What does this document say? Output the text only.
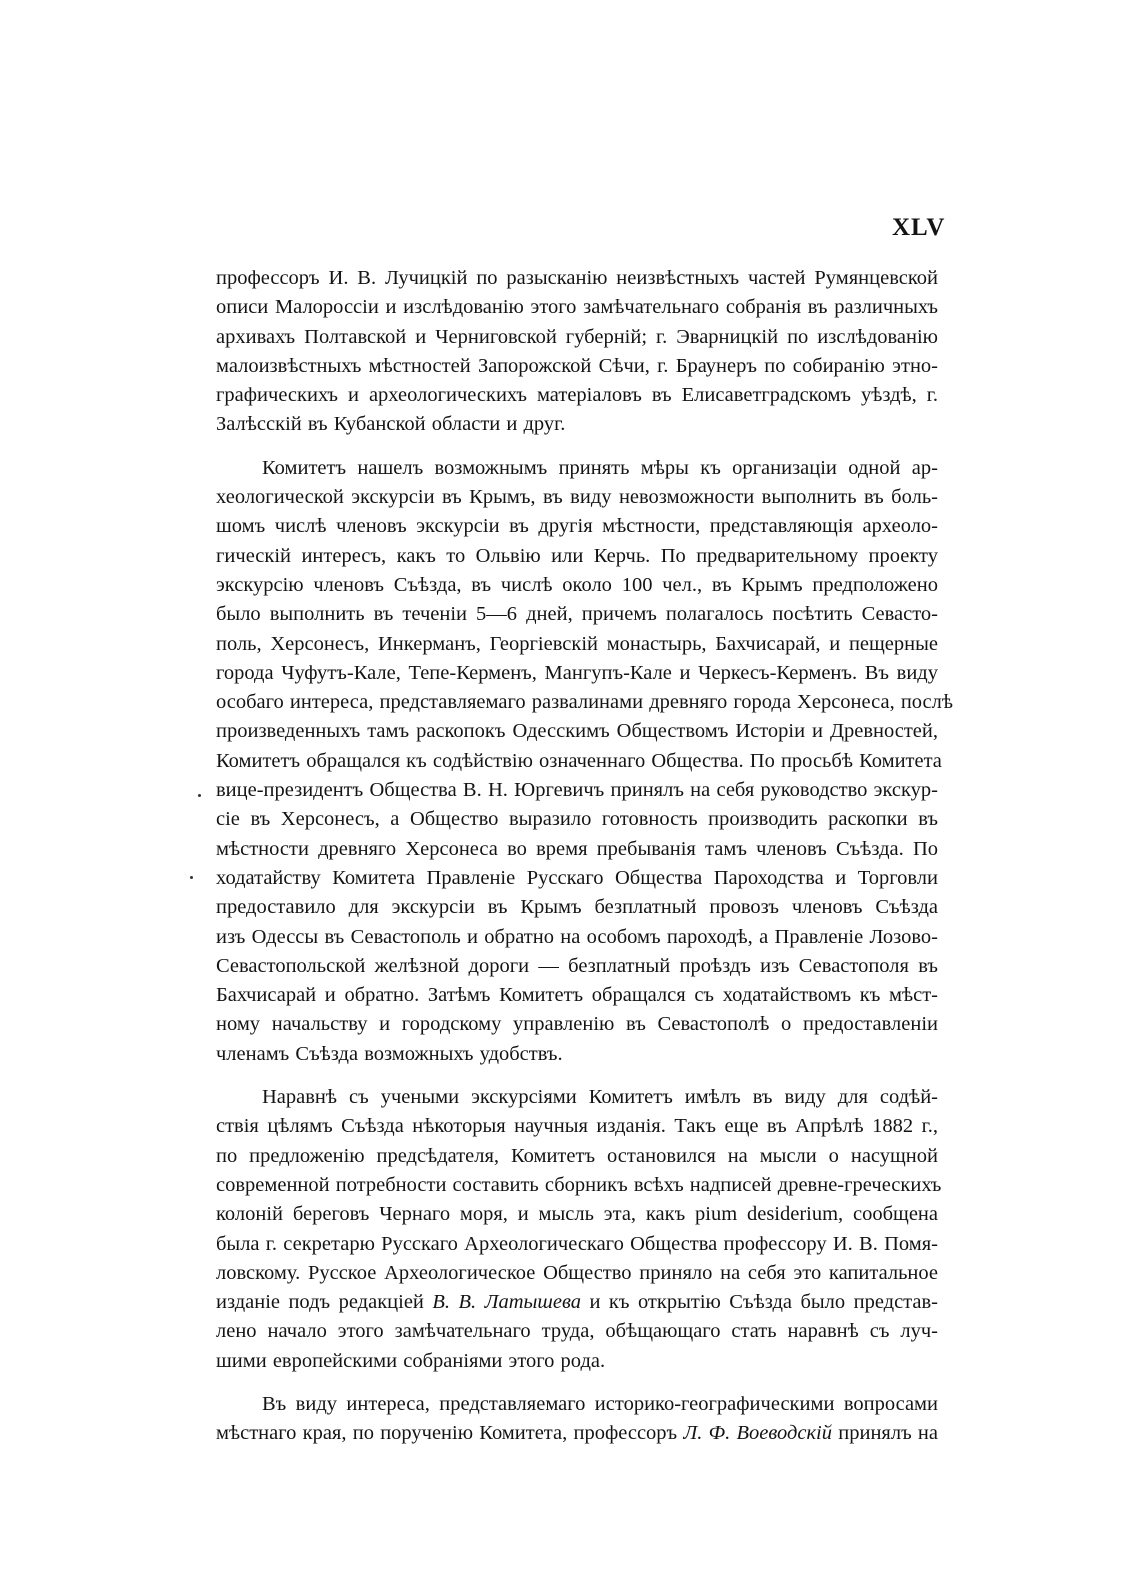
XLV

профессоръ И. В. Лучицкій по разысканію неизвѣстныхъ частей Румянцевской
описи Малороссіи и изслѣдованію этого замѣчательнаго собранія въ различныхъ
архивахъ Полтавской и Черниговской губерній; г. Эварницкій по изслѣдованію
малоизвѣстныхъ мѣстностей Запорожской Сѣчи, г. Браунеръ по собиранію этно-
графическихъ и археологическихъ матеріаловъ въ Елисаветградскомъ уѣздѣ, г.
Залѣсскій въ Кубанской области и друг.

Комитетъ нашелъ возможнымъ принять мѣры къ организаціи одной ар-
хеологической экскурсіи въ Крымъ, въ виду невозможности выполнить въ боль-
шомъ числѣ членовъ экскурсіи въ другія мѣстности, представляющія археоло-
гическій интересъ, какъ то Ольвію или Керчь. По предварительному проекту
экскурсію членовъ Съѣзда, въ числѣ около 100 чел., въ Крымъ предположено
было выполнить въ теченіи 5—6 дней, причемъ полагалось посѣтить Севасто-
поль, Херсонесъ, Инкерманъ, Георгіевскій монастырь, Бахчисарай, и пещерные
города Чуфутъ-Кале, Тепе-Керменъ, Мангупъ-Кале и Черкесъ-Керменъ. Въ виду
особаго интереса, представляемаго развалинами древняго города Херсонеса, послѣ
произведенныхъ тамъ раскопокъ Одесскимъ Обществомъ Исторіи и Древностей,
Комитетъ обращался къ содѣйствію означеннаго Общества. По просьбѣ Комитета
вице-президентъ Общества В. Н. Юргевичъ принялъ на себя руководство экскур-
сіе въ Херсонесъ, а Общество выразило готовность производить раскопки въ
мѣстности древняго Херсонеса во время пребыванія тамъ членовъ Съѣзда. По
ходатайству Комитета Правленіе Русскаго Общества Пароходства и Торговли
предоставило для экскурсіи въ Крымъ безплатный провозъ членовъ Съѣзда
изъ Одессы въ Севастополь и обратно на особомъ пароходѣ, а Правленіе Лозово-
Севастопольской желѣзной дороги — безплатный проѣздъ изъ Севастополя въ
Бахчисарай и обратно. Затѣмъ Комитетъ обращался съ ходатайствомъ къ мѣст-
ному начальству и городскому управленію въ Севастополѣ о предоставленіи
членамъ Съѣзда возможныхъ удобствъ.

Наравнѣ съ учеными экскурсіями Комитетъ имѣлъ въ виду для содѣй-
ствія цѣлямъ Съѣзда нѣкоторыя научныя изданія. Такъ еще въ Апрѣлѣ 1882 г.,
по предложенію предсѣдателя, Комитетъ остановился на мысли о насущной
современной потребности составить сборникъ всѣхъ надписей древне-греческихъ
колоній береговъ Чернаго моря, и мысль эта, какъ pium desiderium, сообщена
была г. секретарю Русскаго Археологическаго Общества профессору И. В. Помя-
ловскому. Русское Археологическое Общество приняло на себя это капитальное
изданіе подъ редакціей В. В. Латышева и къ открытію Съѣзда было представ-
лено начало этого замѣчательнаго труда, обѣщающаго стать наравнѣ съ луч-
шими европейскими собраніями этого рода.

Въ виду интереса, представляемаго историко-географическими вопросами
мѣстнаго края, по порученію Комитета, профессоръ Л. Ф. Воеводскій принялъ на
